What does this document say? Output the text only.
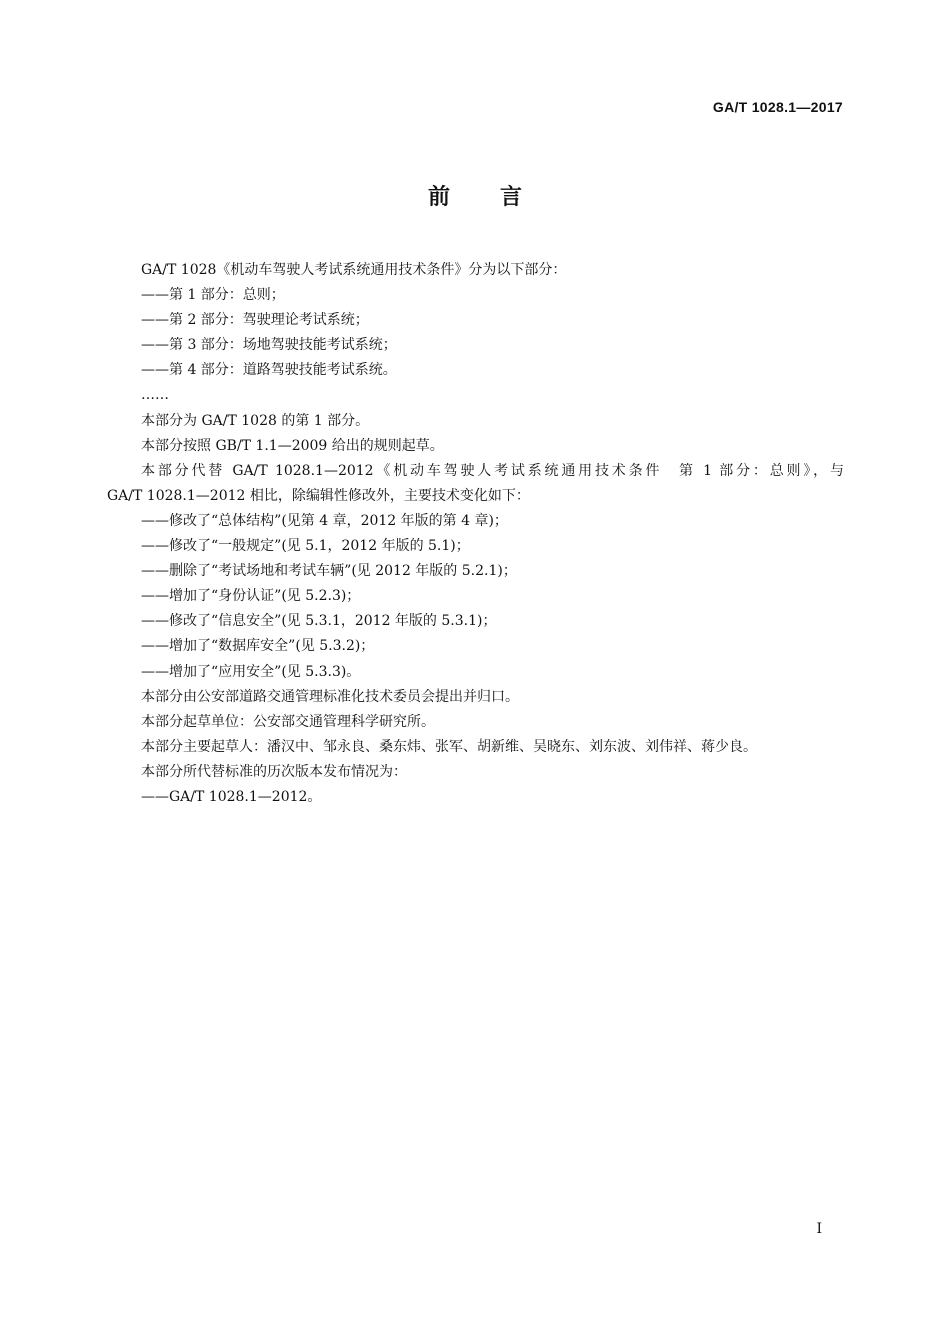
GA/T 1028.1—2017
前 言
GA/T 1028《机动车驾驶人考试系统通用技术条件》分为以下部分：
——第 1 部分：总则；
——第 2 部分：驾驶理论考试系统；
——第 3 部分：场地驾驶技能考试系统；
——第 4 部分：道路驾驶技能考试系统。
……
本部分为 GA/T 1028 的第 1 部分。
本部分按照 GB/T 1.1—2009 给出的规则起草。
本部分代替 GA/T 1028.1—2012《机动车驾驶人考试系统通用技术条件　第 1 部分：总则》，与
GA/T 1028.1—2012 相比，除编辑性修改外，主要技术变化如下：
——修改了“总体结构”(见第 4 章，2012 年版的第 4 章)；
——修改了“一般规定”(见 5.1，2012 年版的 5.1)；
——删除了“考试场地和考试车辆”(见 2012 年版的 5.2.1)；
——增加了“身份认证”(见 5.2.3)；
——修改了“信息安全”(见 5.3.1，2012 年版的 5.3.1)；
——增加了“数据库安全”(见 5.3.2)；
——增加了“应用安全”(见 5.3.3)。
本部分由公安部道路交通管理标准化技术委员会提出并归口。
本部分起草单位：公安部交通管理科学研究所。
本部分主要起草人：潘汉中、邹永良、桑东炜、张军、胡新维、吴晓东、刘东波、刘伟祥、蒋少良。
本部分所代替标准的历次版本发布情况为：
——GA/T 1028.1—2012。
I
